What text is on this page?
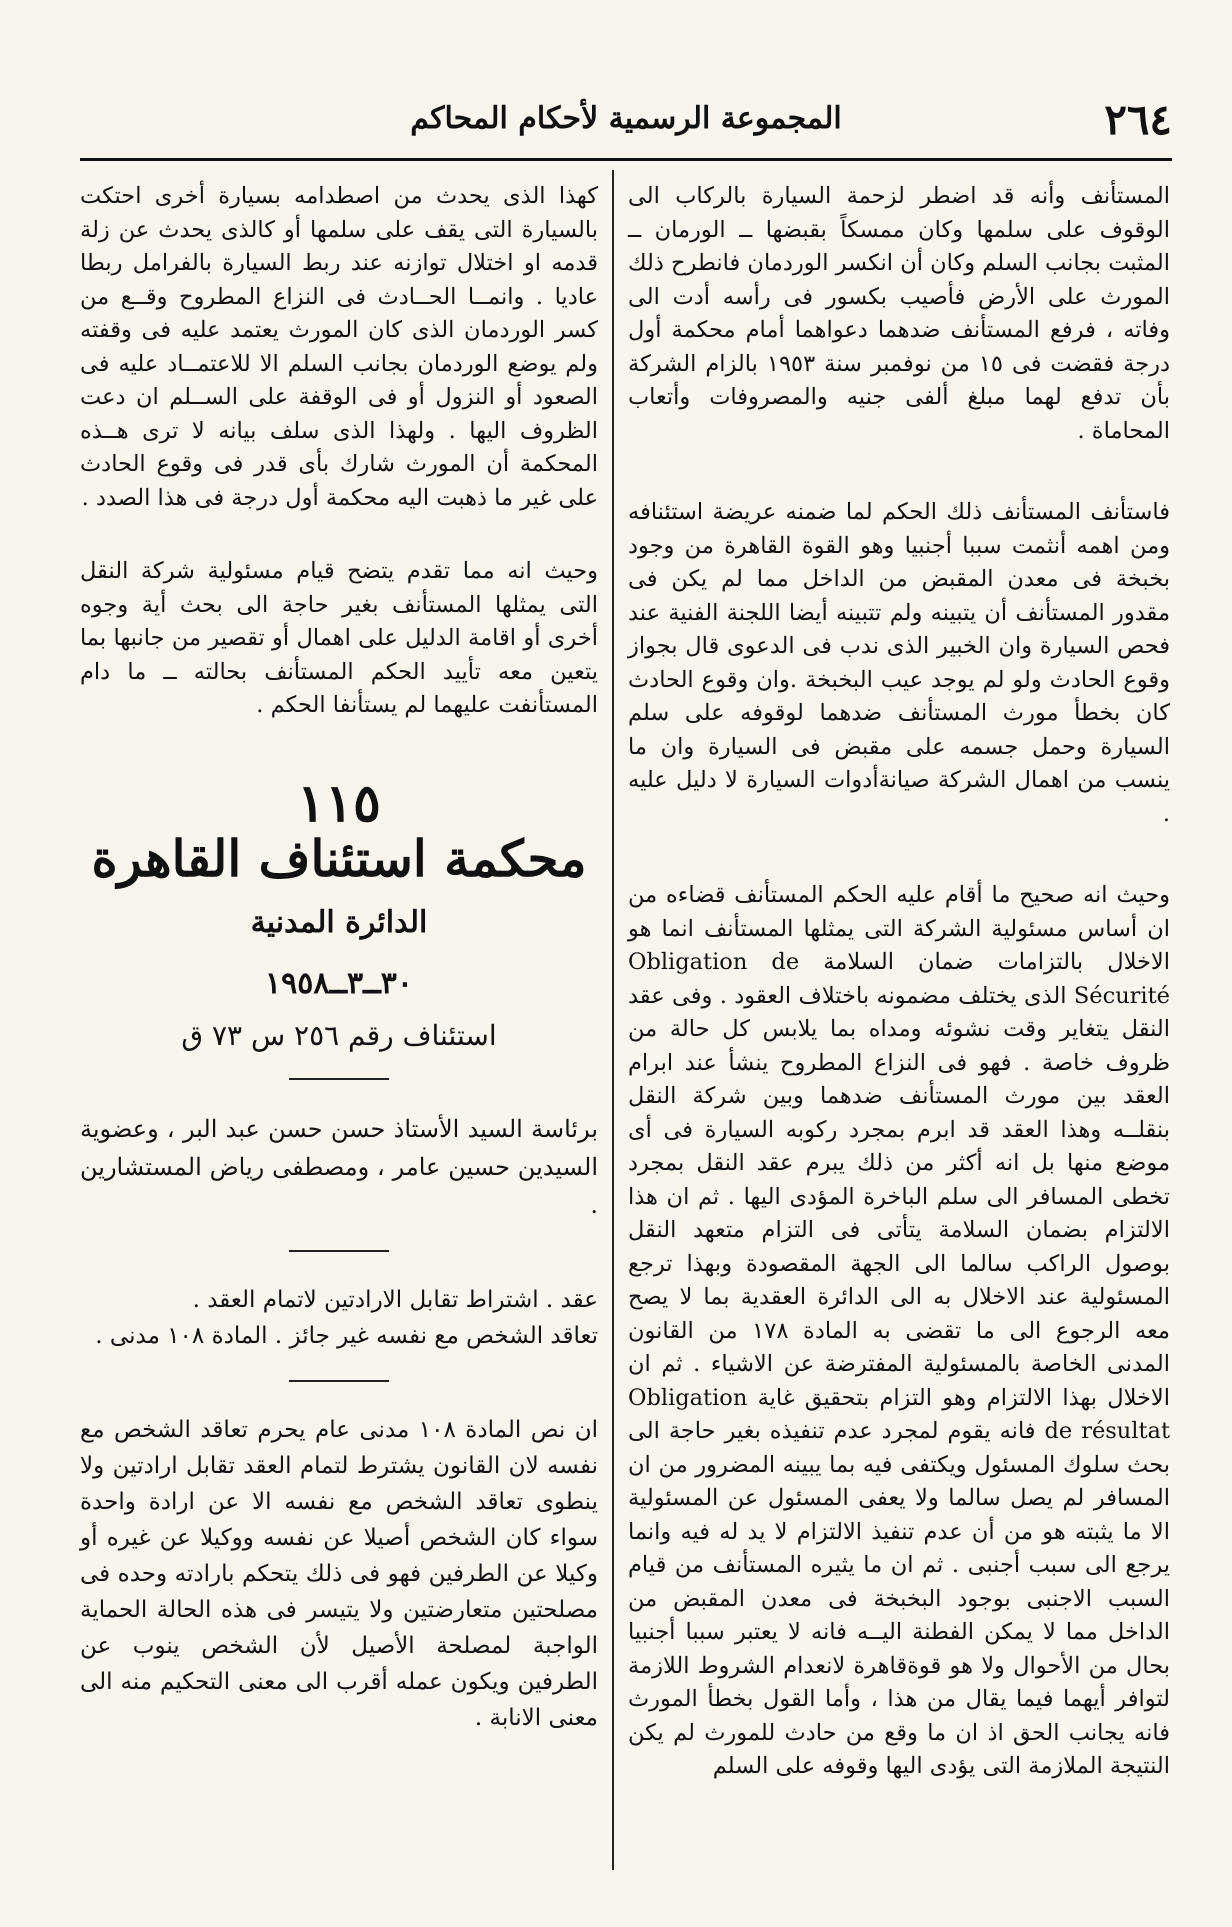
٢٦٤
المجموعة الرسمية لأحكام المحاكم

المستأنف وأنه قد اضطر لزحمة السيارة بالركاب الى الوقوف على سلمها وكان ممسكاً بقبضها ــ الورمان ــ المثبت بجانب السلم وكان أن انكسر الوردمان فانطرح ذلك المورث على الأرض فأصيب بكسور فى رأسه أدت الى وفاته ، فرفع المستأنف ضدهما دعواهما أمام محكمة أول درجة فقضت فى ١٥ من نوفمبر سنة ١٩٥٣ بالزام الشركة بأن تدفع لهما مبلغ ألفى جنيه والمصروفات وأتعاب المحاماة .

فاستأنف المستأنف ذلك الحكم لما ضمنه عريضة استئنافه ومن اهمه أنثمت سببا أجنبيا وهو القوة القاهرة من وجود بخبخة فى معدن المقبض من الداخل مما لم يكن فى مقدور المستأنف أن يتبينه ولم تتبينه أيضا اللجنة الفنية عند فحص السيارة وان الخبير الذى ندب فى الدعوى قال بجواز وقوع الحادث ولو لم يوجد عيب البخبخة .وان وقوع الحادث كان بخطأ مورث المستأنف ضدهما لوقوفه على سلم السيارة وحمل جسمه على مقبض فى السيارة وان ما ينسب من اهمال الشركة صيانةأدوات السيارة لا دليل عليه .

وحيث انه صحيح ما أقام عليه الحكم المستأنف قضاءه من ان أساس مسئولية الشركة التى يمثلها المستأنف انما هو الاخلال بالتزامات ضمان السلامة Obligation de Sécurité الذى يختلف مضمونه باختلاف العقود . وفى عقد النقل يتغاير وقت نشوئه ومداه بما يلابس كل حالة من ظروف خاصة . فهو فى النزاع المطروح ينشأ عند ابرام العقد بين مورث المستأنف ضدهما وبين شركة النقل بنقلــه وهذا العقد قد ابرم بمجرد ركوبه السيارة فى أى موضع منها بل انه أكثر من ذلك يبرم عقد النقل بمجرد تخطى المسافر الى سلم الباخرة المؤدى اليها . ثم ان هذا الالتزام بضمان السلامة يتأتى فى التزام متعهد النقل بوصول الراكب سالما الى الجهة المقصودة وبهذا ترجع المسئولية عند الاخلال به الى الدائرة العقدية بما لا يصح معه الرجوع الى ما تقضى به المادة ١٧٨ من القانون المدنى الخاصة بالمسئولية المفترضة عن الاشياء . ثم ان الاخلال بهذا الالتزام وهو التزام بتحقيق غاية Obligation de résultat فانه يقوم لمجرد عدم تنفيذه بغير حاجة الى بحث سلوك المسئول ويكتفى فيه بما يبينه المضرور من ان المسافر لم يصل سالما ولا يعفى المسئول عن المسئولية الا ما يثبته هو من أن عدم تنفيذ الالتزام لا يد له فيه وانما يرجع الى سبب أجنبى . ثم ان ما يثيره المستأنف من قيام السبب الاجنبى بوجود البخبخة فى معدن المقبض من الداخل مما لا يمكن الفطنة اليــه فانه لا يعتبر سببا أجنبيا بحال من الأحوال ولا هو قوةقاهرة لانعدام الشروط اللازمة لتوافر أيهما فيما يقال من هذا ، وأما القول بخطأ المورث فانه يجانب الحق اذ ان ما وقع من حادث للمورث لم يكن النتيجة الملازمة التى يؤدى اليها وقوفه على السلم

كهذا الذى يحدث من اصطدامه بسيارة أخرى احتكت بالسيارة التى يقف على سلمها أو كالذى يحدث عن زلة قدمه او اختلال توازنه عند ربط السيارة بالفرامل ربطا عاديا . وانمــا الحــادث فى النزاع المطروح وقــع من كسر الوردمان الذى كان المورث يعتمد عليه فى وقفته ولم يوضع الوردمان بجانب السلم الا للاعتمــاد عليه فى الصعود أو النزول أو فى الوقفة على الســلم ان دعت الظروف اليها . ولهذا الذى سلف بيانه لا ترى هــذه المحكمة أن المورث شارك بأى قدر فى وقوع الحادث على غير ما ذهبت اليه محكمة أول درجة فى هذا الصدد .

وحيث انه مما تقدم يتضح قيام مسئولية شركة النقل التى يمثلها المستأنف بغير حاجة الى بحث أية وجوه أخرى أو اقامة الدليل على اهمال أو تقصير من جانبها بما يتعين معه تأييد الحكم المستأنف بحالته ــ ما دام المستأنفت عليهما لم يستأنفا الحكم .

١١٥
محكمة استئناف القاهرة
الدائرة المدنية
٣٠ــ٣ــ١٩٥٨
استئناف رقم ٢٥٦ س ٧٣ ق
برئاسة السيد الأستاذ حسن حسن عبد البر ، وعضوية السيدين حسين عامر ، ومصطفى رياض المستشارين .
عقد . اشتراط تقابل الارادتين لاتمام العقد .
تعاقد الشخص مع نفسه غير جائز . المادة ١٠٨ مدنى .
ان نص المادة ١٠٨ مدنى عام يحرم تعاقد الشخص مع نفسه لان القانون يشترط لتمام العقد تقابل ارادتين ولا ينطوى تعاقد الشخص مع نفسه الا عن ارادة واحدة سواء كان الشخص أصيلا عن نفسه ووكيلا عن غيره أو وكيلا عن الطرفين فهو فى ذلك يتحكم بارادته وحده فى مصلحتين متعارضتين ولا يتيسر فى هذه الحالة الحماية الواجبة لمصلحة الأصيل لأن الشخص ينوب عن الطرفين ويكون عمله أقرب الى معنى التحكيم منه الى معنى الانابة .
